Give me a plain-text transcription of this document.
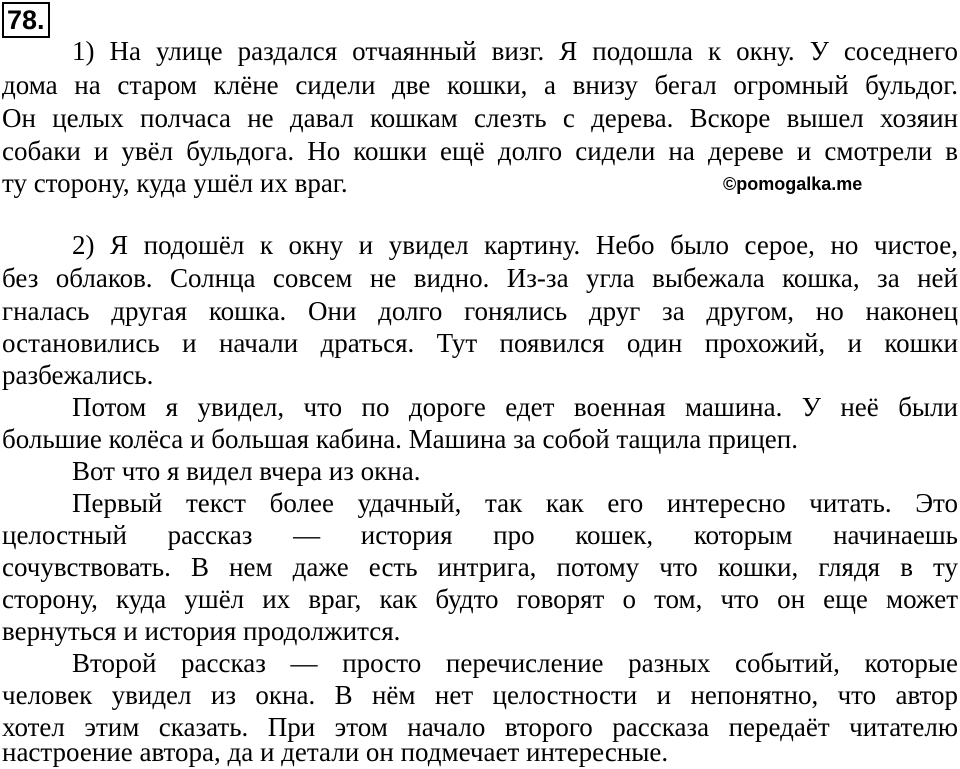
78.
1) На улице раздался отчаянный визг. Я подошла к окну. У соседнего
дома на старом клёне сидели две кошки, а внизу бегал огромный бульдог.
Он целых полчаса не давал кошкам слезть с дерева. Вскоре вышел хозяин
собаки и увёл бульдога. Но кошки ещё долго сидели на дереве и смотрели в
ту сторону, куда ушёл их враг.	©pomogalka.me
2) Я подошёл к окну и увидел картину. Небо было серое, но чистое,
без облаков. Солнца совсем не видно. Из-за угла выбежала кошка, за ней
гналась другая кошка. Они долго гонялись друг за другом, но наконец
остановились и начали драться. Тут появился один прохожий, и кошки
разбежались.
Потом я увидел, что по дороге едет военная машина. У неё были
большие колёса и большая кабина. Машина за собой тащила прицеп.
Вот что я видел вчера из окна.
Первый текст более удачный, так как его интересно читать. Это
целостный рассказ — история про кошек, которым начинаешь
сочувствовать. В нем даже есть интрига, потому что кошки, глядя в ту
сторону, куда ушёл их враг, как будто говорят о том, что он еще может
вернуться и история продолжится.
Второй рассказ — просто перечисление разных событий, которые
человек увидел из окна. В нём нет целостности и непонятно, что автор
хотел этим сказать. При этом начало второго рассказа передаёт читателю
настроение автора, да и детали он подмечает интересные.
